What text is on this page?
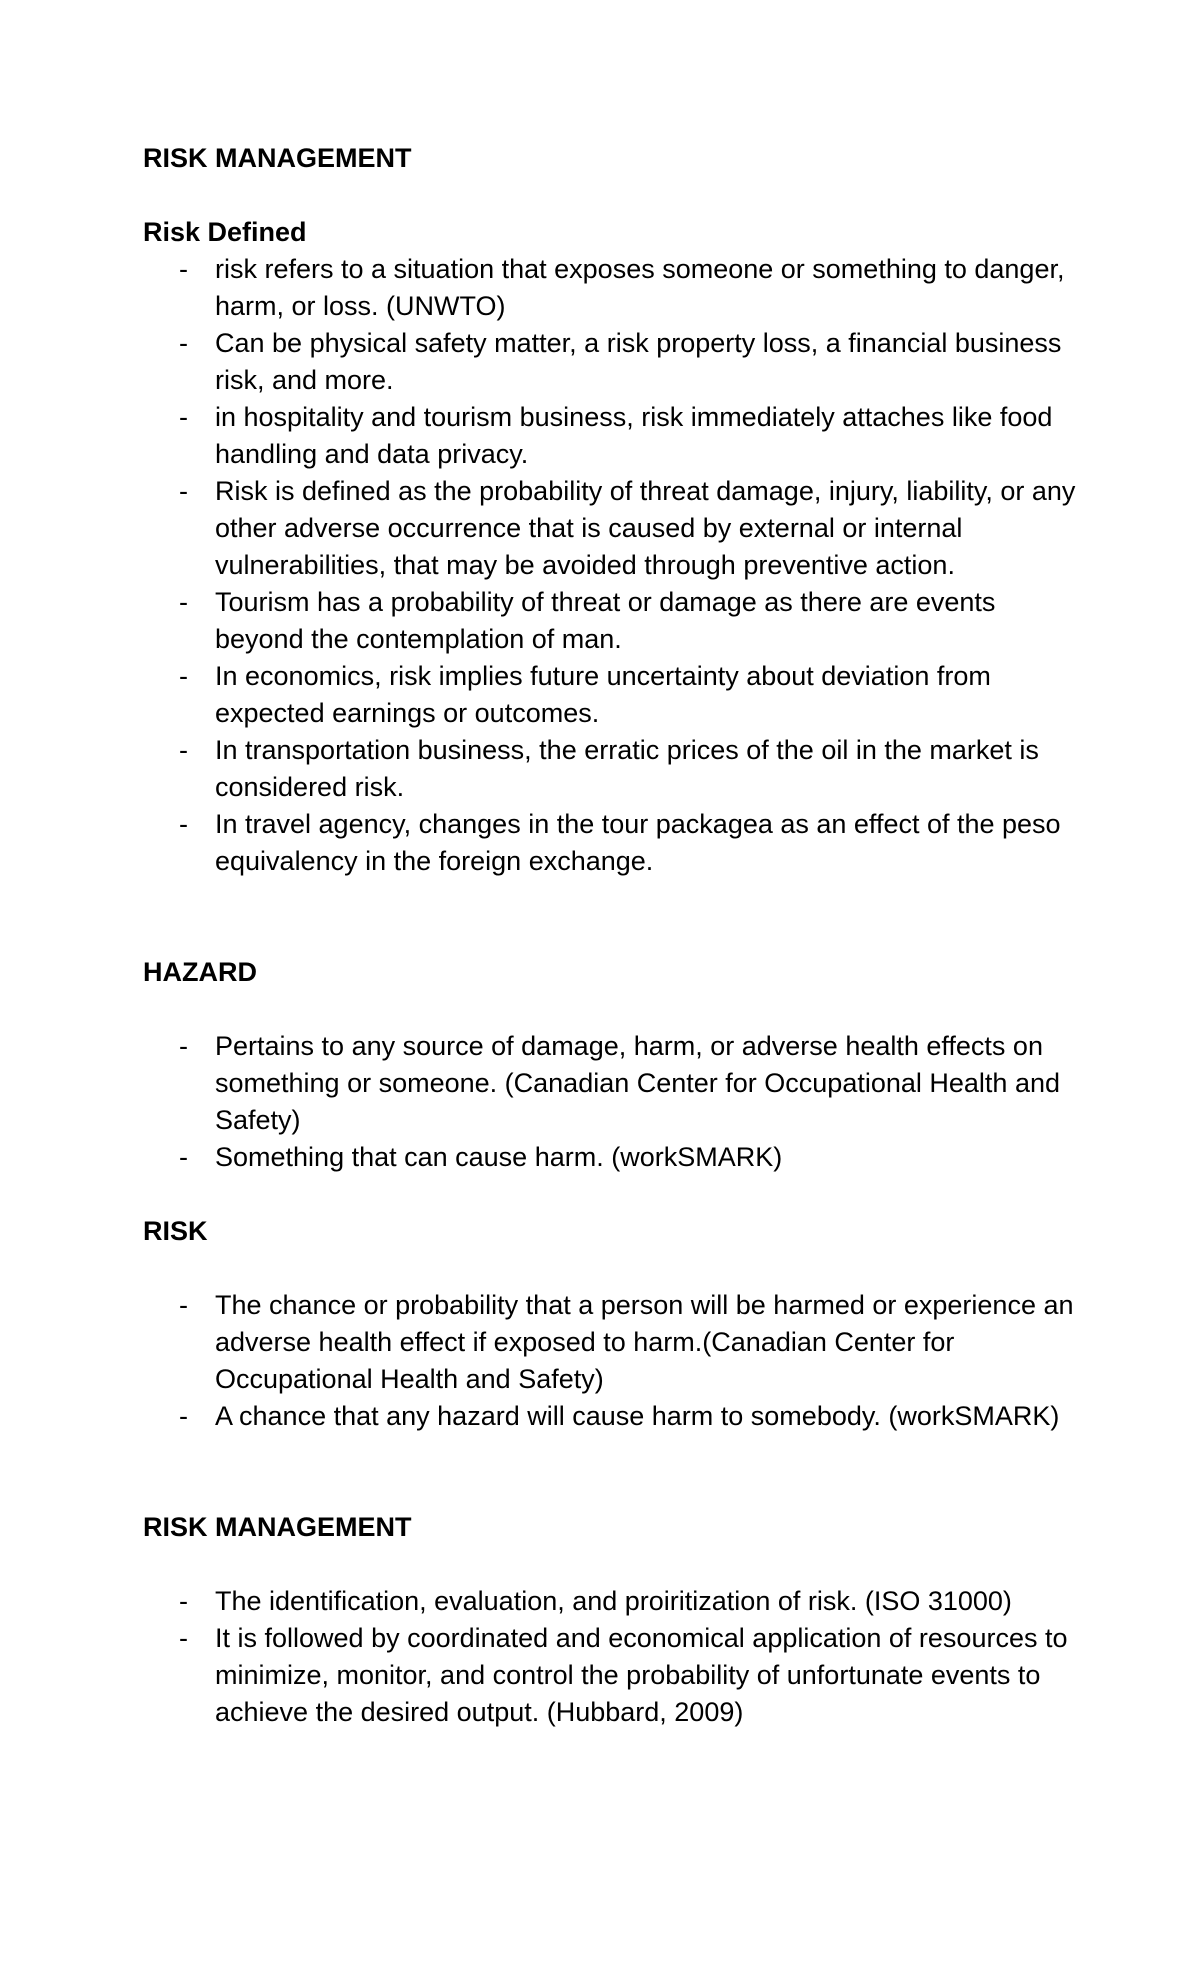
RISK MANAGEMENT
Risk Defined
- risk refers to a situation that exposes someone or something to danger, harm, or loss. (UNWTO)
- Can be physical safety matter, a risk property loss, a financial business risk, and more.
- in hospitality and tourism business, risk immediately attaches like food handling and data privacy.
- Risk is defined as the probability of threat damage, injury, liability, or any other adverse occurrence that is caused by external or internal vulnerabilities, that may be avoided through preventive action.
- Tourism has a probability of threat or damage as there are events beyond the contemplation of man.
- In economics, risk implies future uncertainty about deviation from expected earnings or outcomes.
- In transportation business, the erratic prices of the oil in the market is considered risk.
- In travel agency, changes in the tour packagea as an effect of the peso equivalency in the foreign exchange.
HAZARD
- Pertains to any source of damage, harm, or adverse health effects on something or someone. (Canadian Center for Occupational Health and Safety)
- Something that can cause harm. (workSMARK)
RISK
- The chance or probability that a person will be harmed or experience an adverse health effect if exposed to harm.(Canadian Center for Occupational Health and Safety)
- A chance that any hazard will cause harm to somebody. (workSMARK)
RISK MANAGEMENT
- The identification, evaluation, and proiritization of risk. (ISO 31000)
- It is followed by coordinated and economical application of resources to minimize, monitor, and control the probability of unfortunate events to achieve the desired output. (Hubbard, 2009)
